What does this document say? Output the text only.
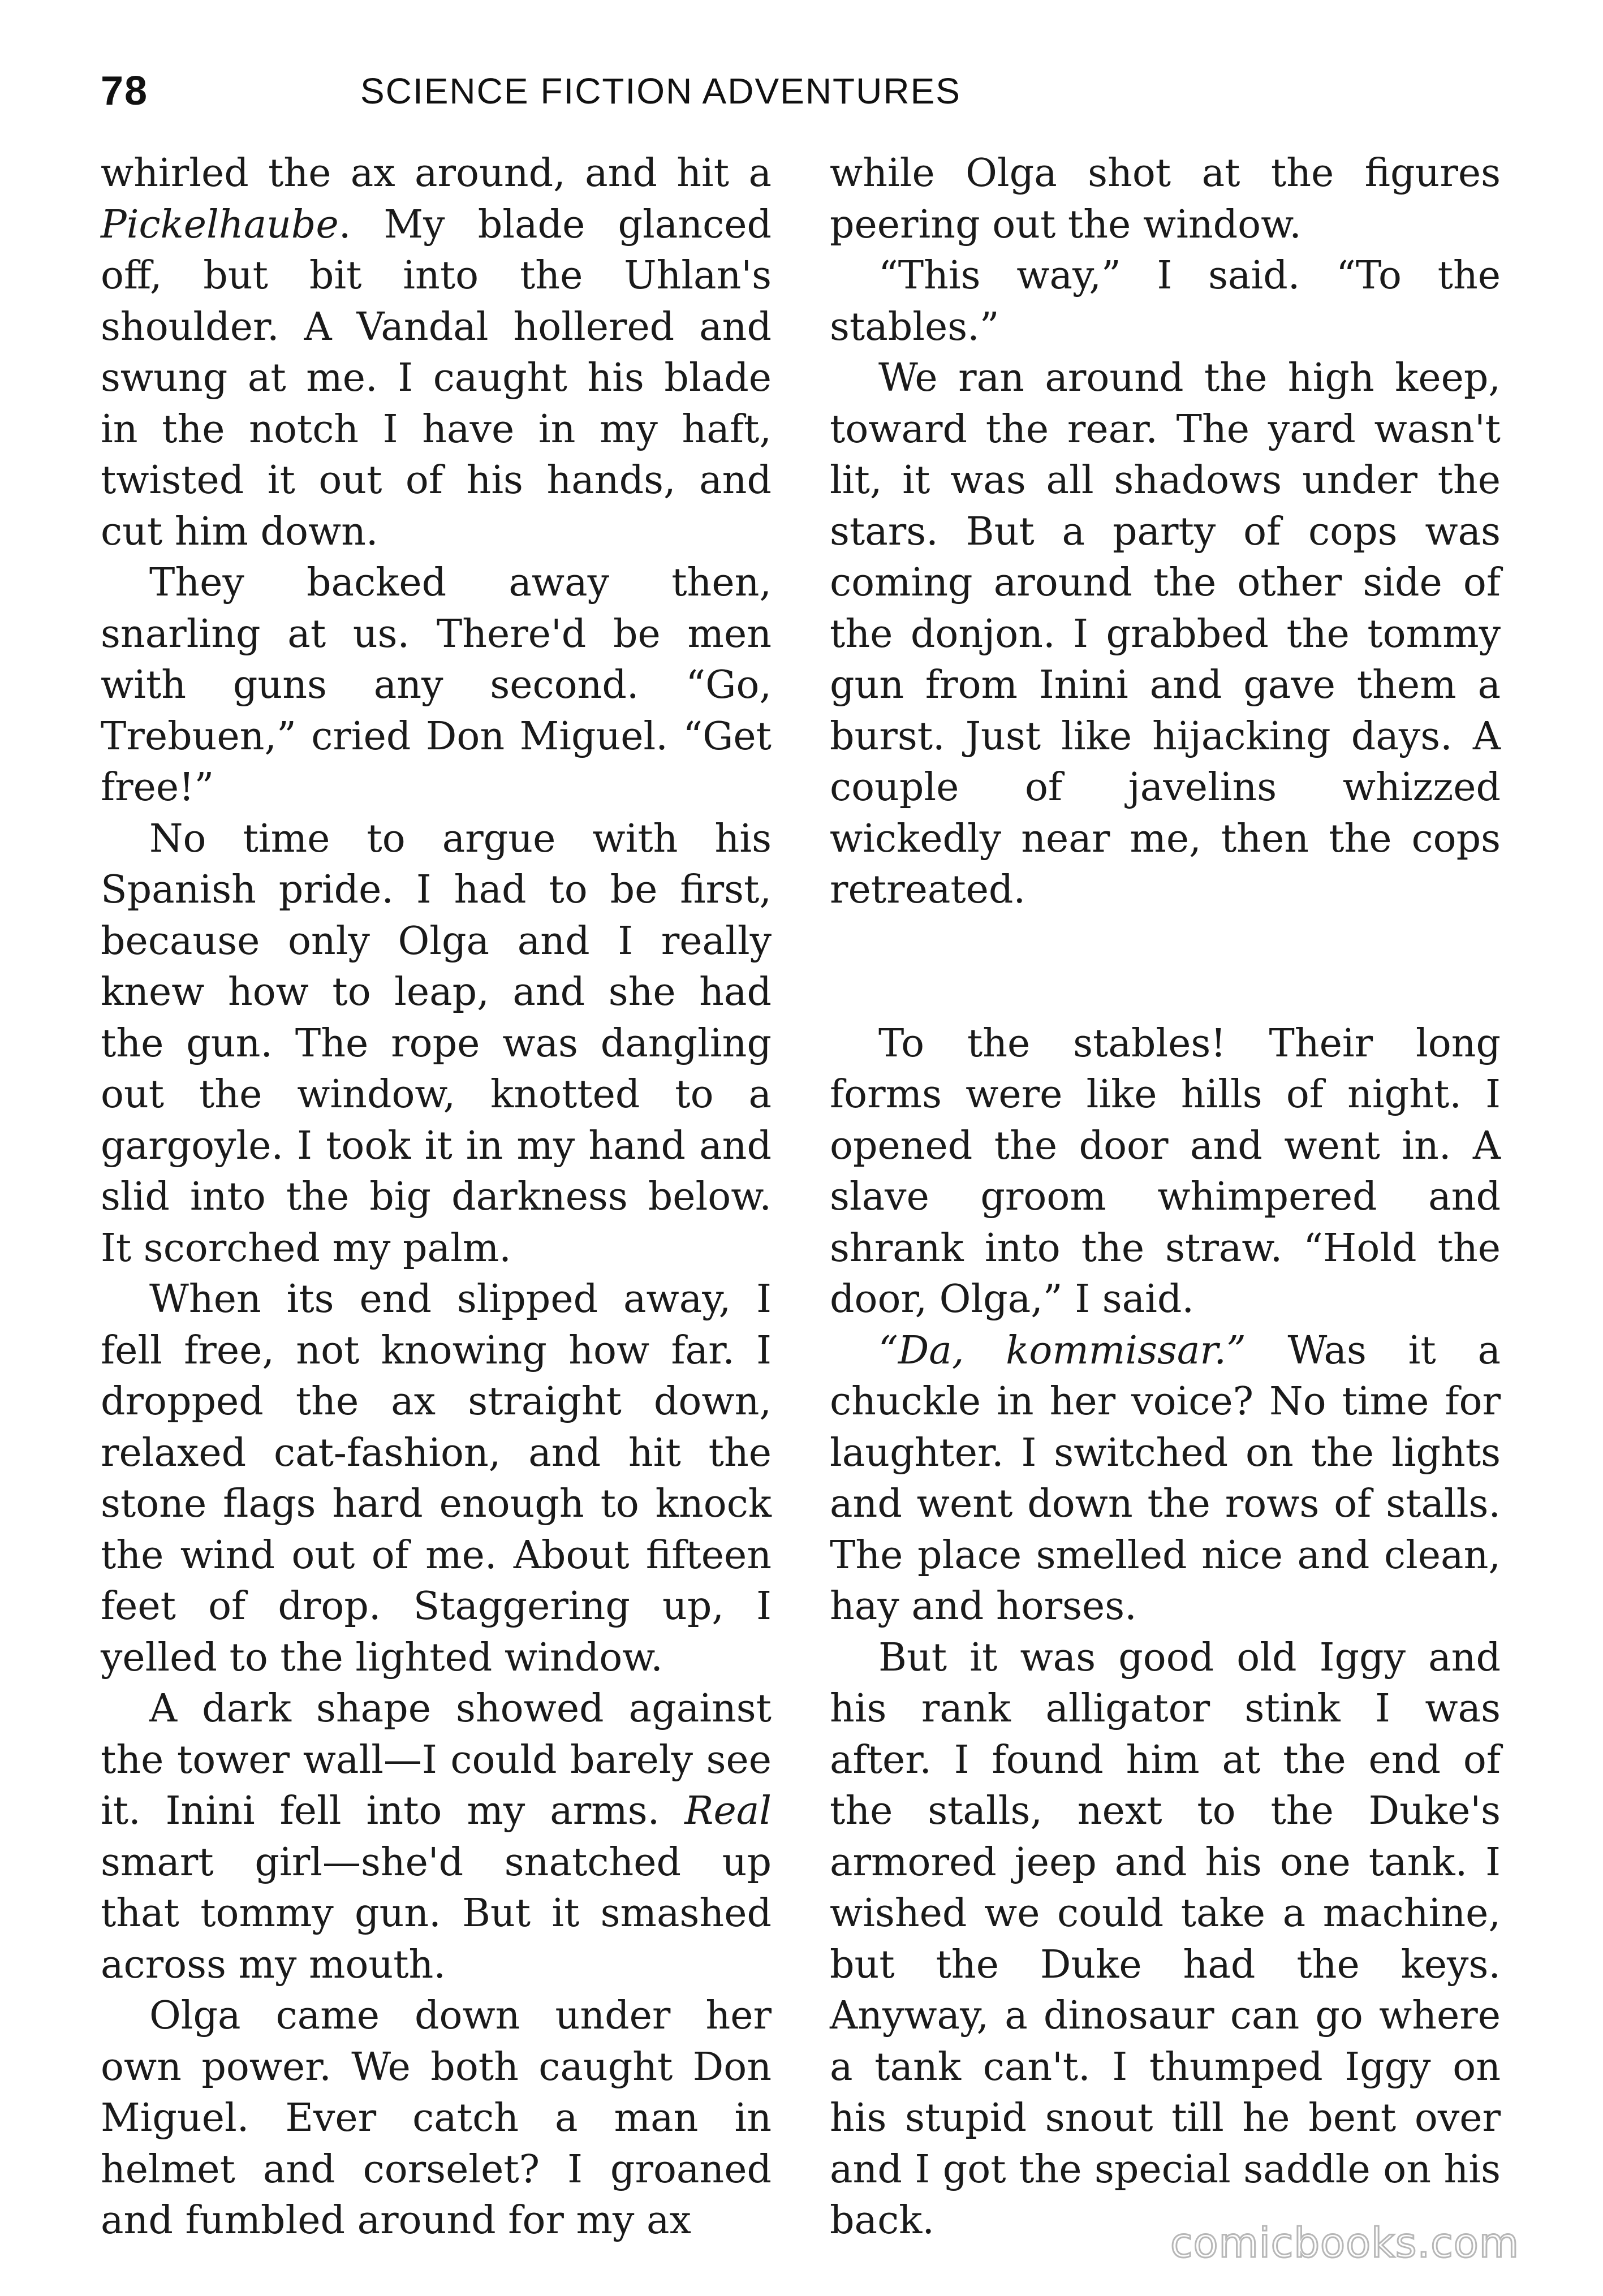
78	SCIENCE FICTION ADVENTURES

whirled the ax around, and hit a Pickelhaube. My blade glanced off, but bit into the Uhlan's shoulder. A Vandal hollered and swung at me. I caught his blade in the notch I have in my haft, twisted it out of his hands, and cut him down.

They backed away then, snarling at us. There'd be men with guns any second. “Go, Trebuen,” cried Don Miguel. “Get free!”

No time to argue with his Spanish pride. I had to be first, because only Olga and I really knew how to leap, and she had the gun. The rope was dangling out the window, knotted to a gargoyle. I took it in my hand and slid into the big darkness below. It scorched my palm.

When its end slipped away, I fell free, not knowing how far. I dropped the ax straight down, relaxed cat-fashion, and hit the stone flags hard enough to knock the wind out of me. About fifteen feet of drop. Staggering up, I yelled to the lighted window.

A dark shape showed against the tower wall—I could barely see it. Inini fell into my arms. Real smart girl—she'd snatched up that tommy gun. But it smashed across my mouth.

Olga came down under her own power. We both caught Don Miguel. Ever catch a man in helmet and corselet? I groaned and fumbled around for my ax

while Olga shot at the figures peering out the window.

“This way,” I said. “To the stables.”

We ran around the high keep, toward the rear. The yard wasn't lit, it was all shadows under the stars. But a party of cops was coming around the other side of the donjon. I grabbed the tommy gun from Inini and gave them a burst. Just like hijacking days. A couple of javelins whizzed wickedly near me, then the cops retreated.

To the stables! Their long forms were like hills of night. I opened the door and went in. A slave groom whimpered and shrank into the straw. “Hold the door, Olga,” I said.

“Da, kommissar.” Was it a chuckle in her voice? No time for laughter. I switched on the lights and went down the rows of stalls. The place smelled nice and clean, hay and horses.

But it was good old Iggy and his rank alligator stink I was after. I found him at the end of the stalls, next to the Duke's armored jeep and his one tank. I wished we could take a machine, but the Duke had the keys. Anyway, a dinosaur can go where a tank can't. I thumped Iggy on his stupid snout till he bent over and I got the special saddle on his back.	comicbooks.com
